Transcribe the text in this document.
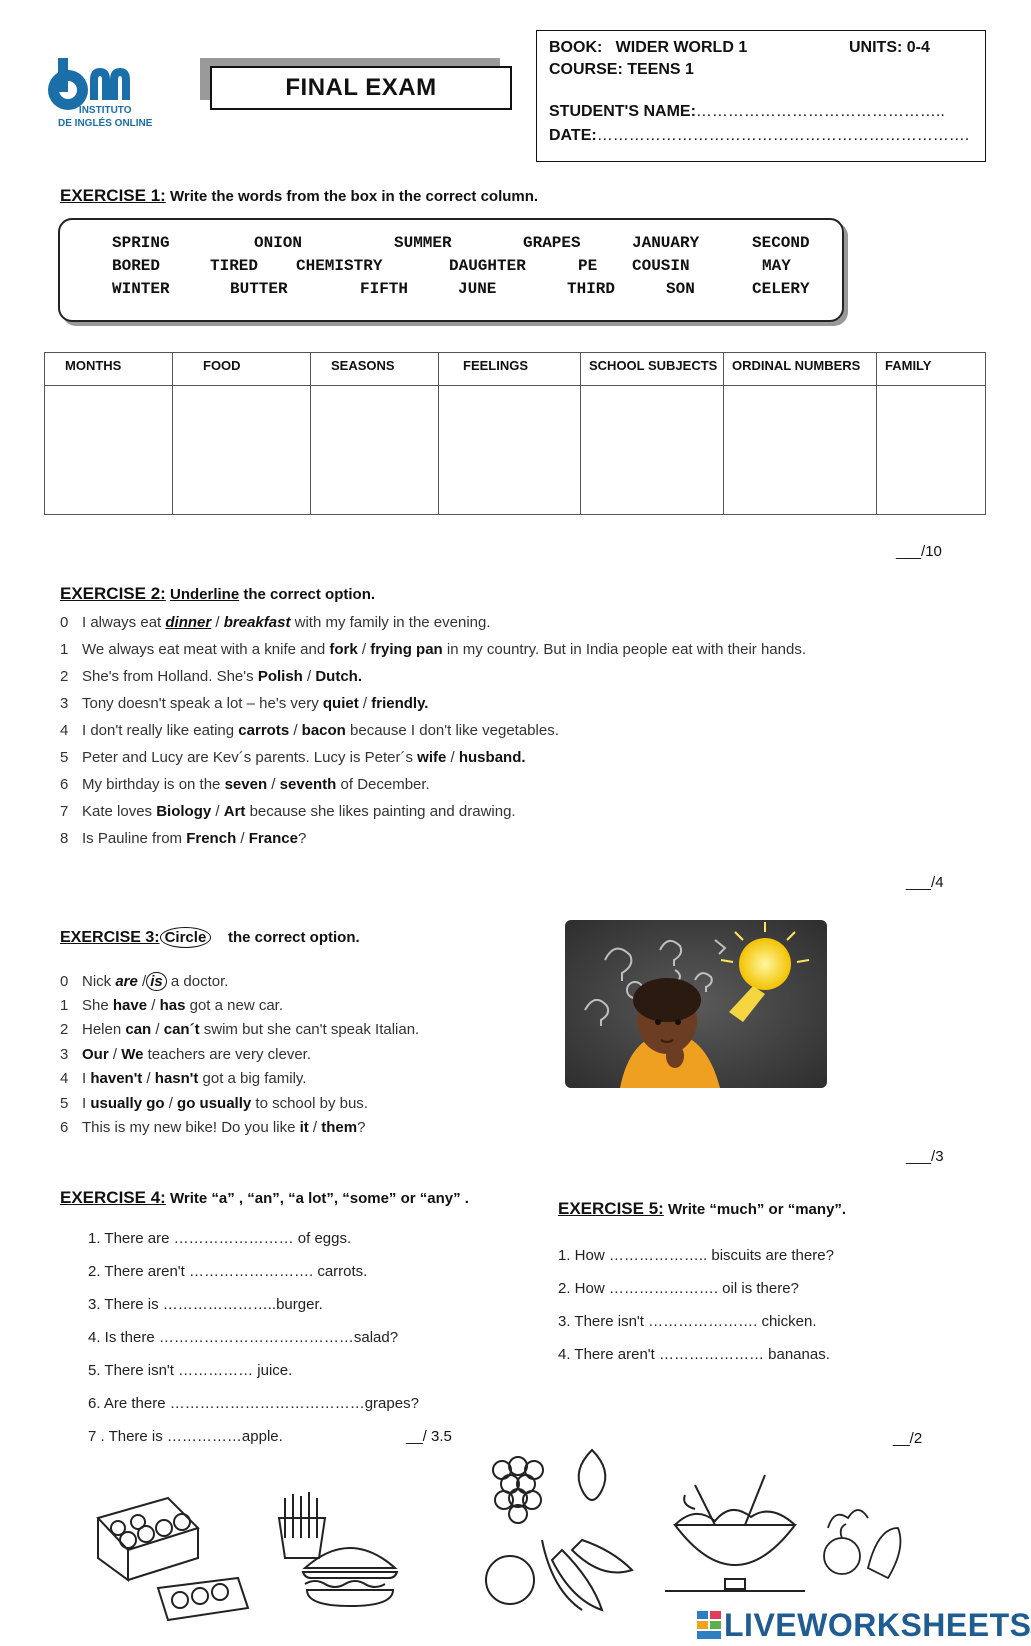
INSTITUTO
DE INGLÉS ONLINE
FINAL EXAM
BOOK: WIDER WORLD 1	UNITS: 0-4
COURSE: TEENS 1
STUDENT'S NAME:………………………………………..
DATE:…………………………………………………………….
EXERCISE 1: Write the words from the box in the correct column.
SPRING	ONION	SUMMER	GRAPES	JANUARY	SECOND
BORED	TIRED CHEMISTRY	DAUGHTER	PE COUSIN	MAY
WINTER	BUTTER	FIFTH	JUNE	THIRD	SON	CELERY
MONTHS	FOOD	SEASONS	FEELINGS	SCHOOL SUBJECTS	ORDINAL NUMBERS	FAMILY

___/10
EXERCISE 2: Underline the correct option.
0 I always eat dinner / breakfast with my family in the evening.
1 We always eat meat with a knife and fork / frying pan in my country. But in India people eat with their hands.
2 She's from Holland. She's Polish / Dutch.
3 Tony doesn't speak a lot – he's very quiet / friendly.
4 I don't really like eating carrots / bacon because I don't like vegetables.
5 Peter and Lucy are Kev´s parents. Lucy is Peter´s wife / husband.
6 My birthday is on the seven / seventh of December.
7 Kate loves Biology / Art because she likes painting and drawing.
8 Is Pauline from French / France?
___/4
EXERCISE 3: Circle the correct option.
0 Nick are / is a doctor.
1 She have / has got a new car.
2 Helen can / can´t swim but she can't speak Italian.
3 Our / We teachers are very clever.
4 I haven't / hasn't got a big family.
5 I usually go / go usually to school by bus.
6 This is my new bike! Do you like it / them?
___/3
EXERCISE 4: Write “a” , “an”, “a lot”, “some” or “any” .
1. There are …………………… of eggs.
2. There aren't ……………………. carrots.
3. There is …………………..burger.
4. Is there …………………………………salad?
5. There isn't …………… juice.
6. Are there …………………………………grapes?
7 . There is ……………apple.	__/ 3.5
EXERCISE 5: Write “much” or “many”.
1. How ……………….. biscuits are there?
2. How …………………. oil is there?
3. There isn't …………………. chicken.
4. There aren't ………………… bananas.
__/2
LIVEWORKSHEETS
